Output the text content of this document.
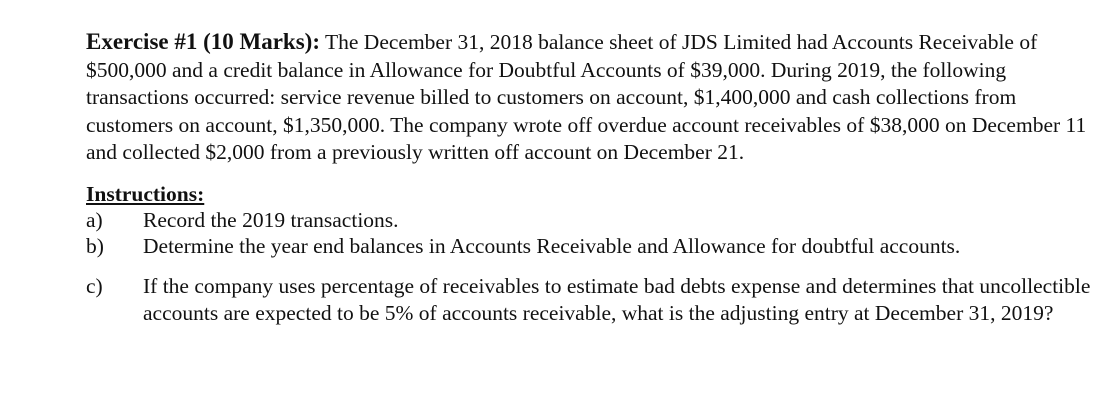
Exercise #1 (10 Marks): The December 31, 2018 balance sheet of JDS Limited had Accounts Receivable of $500,000 and a credit balance in Allowance for Doubtful Accounts of $39,000. During 2019, the following transactions occurred: service revenue billed to customers on account, $1,400,000 and cash collections from customers on account, $1,350,000. The company wrote off overdue account receivables of $38,000 on December 11 and collected $2,000 from a previously written off account on December 21.

Instructions:
a)	Record the 2019 transactions.
b)	Determine the year end balances in Accounts Receivable and Allowance for doubtful accounts.
c)	If the company uses percentage of receivables to estimate bad debts expense and determines that uncollectible accounts are expected to be 5% of accounts receivable, what is the adjusting entry at December 31, 2019?
